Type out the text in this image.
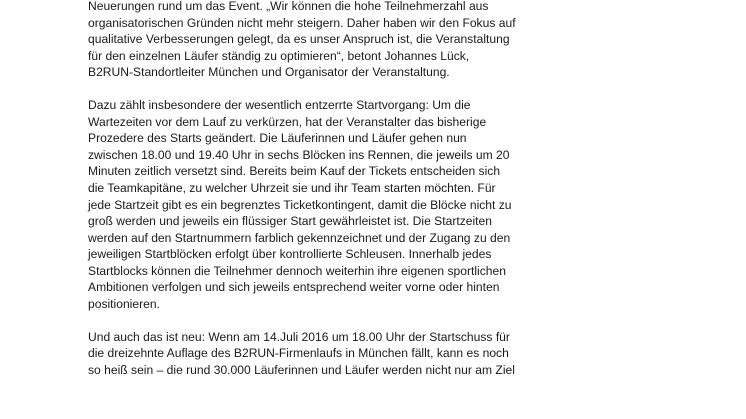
Neuerungen rund um das Event. „Wir können die hohe Teilnehmerzahl aus
organisatorischen Gründen nicht mehr steigern. Daher haben wir den Fokus auf
qualitative Verbesserungen gelegt, da es unser Anspruch ist, die Veranstaltung
für den einzelnen Läufer ständig zu optimieren“, betont Johannes Lück,
B2RUN-Standortleiter München und Organisator der Veranstaltung.
Dazu zählt insbesondere der wesentlich entzerrte Startvorgang: Um die
Wartezeiten vor dem Lauf zu verkürzen, hat der Veranstalter das bisherige
Prozedere des Starts geändert. Die Läuferinnen und Läufer gehen nun
zwischen 18.00 und 19.40 Uhr in sechs Blöcken ins Rennen, die jeweils um 20
Minuten zeitlich versetzt sind. Bereits beim Kauf der Tickets entscheiden sich
die Teamkapitäne, zu welcher Uhrzeit sie und ihr Team starten möchten. Für
jede Startzeit gibt es ein begrenztes Ticketkontingent, damit die Blöcke nicht zu
groß werden und jeweils ein flüssiger Start gewährleistet ist. Die Startzeiten
werden auf den Startnummern farblich gekennzeichnet und der Zugang zu den
jeweiligen Startblöcken erfolgt über kontrollierte Schleusen. Innerhalb jedes
Startblocks können die Teilnehmer dennoch weiterhin ihre eigenen sportlichen
Ambitionen verfolgen und sich jeweils entsprechend weiter vorne oder hinten
positionieren.
Und auch das ist neu: Wenn am 14.Juli 2016 um 18.00 Uhr der Startschuss für
die dreizehnte Auflage des B2RUN-Firmenlaufs in München fällt, kann es noch
so heiß sein – die rund 30.000 Läuferinnen und Läufer werden nicht nur am Ziel
